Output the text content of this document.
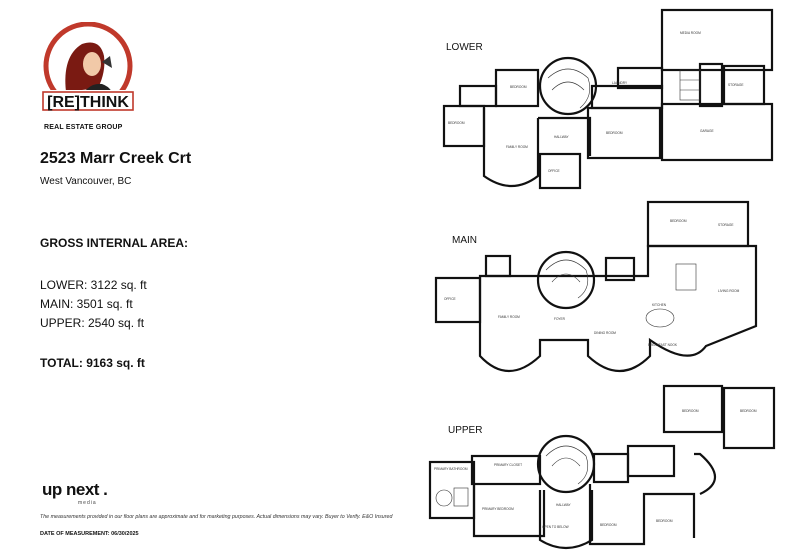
[RE]THINK
REAL ESTATE GROUP
2523 Marr Creek Crt
West Vancouver, BC
GROSS INTERNAL AREA:
LOWER: 3122 sq. ft
MAIN: 3501 sq. ft
UPPER: 2540 sq. ft
TOTAL: 9163 sq. ft
up next .
media
The measurements provided in our floor plans are approximate and for marketing purposes. Actual dimensions may vary. Buyer to Verify. E&O Insured
DATE OF MEASUREMENT: 06/30/2025
LOWER
MAIN
UPPER
BEDROOM
FAMILY ROOM
BEDROOM	GARAGE
MEDIA ROOM
HALLWAY
BEDROOM
LAUNDRY	STORAGE
OFFICE
FAMILY ROOM	FOYER
DINING ROOM
KITCHEN
LIVING ROOM
BEDROOM
STORAGE
OFFICE
BREAKFAST NOOK
PRIMARY BEDROOM
PRIMARY CLOSET
BEDROOM
BEDROOM
BEDROOM	BEDROOM
HALLWAY
OPEN TO BELOW
PRIMARY BATHROOM
